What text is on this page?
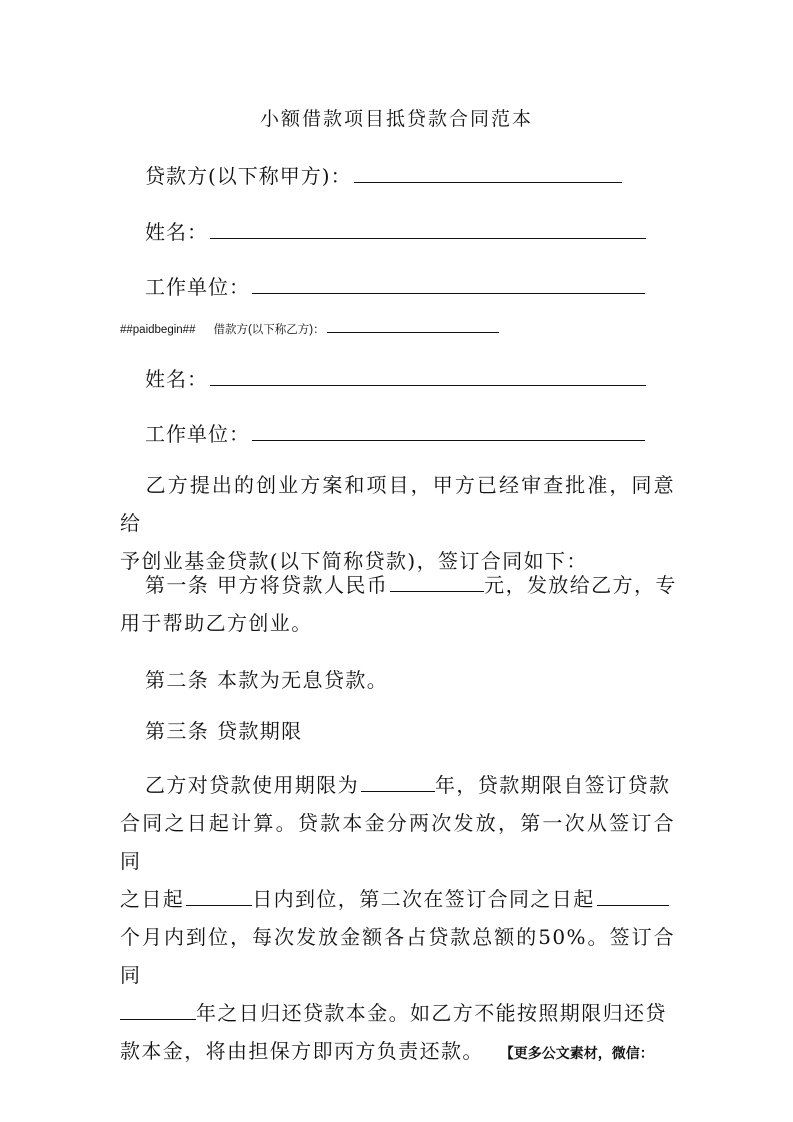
小额借款项目抵贷款合同范本
贷款方(以下称甲方)：
姓名：
工作单位：
##paidbegin## 借款方(以下称乙方)：
姓名：
工作单位：
乙方提出的创业方案和项目，甲方已经审查批准，同意给
予创业基金贷款(以下简称贷款)，签订合同如下：
第一条 甲方将贷款人民币	元，发放给乙方，专
用于帮助乙方创业。
第二条 本款为无息贷款。
第三条 贷款期限
乙方对贷款使用期限为	年，贷款期限自签订贷款
合同之日起计算。贷款本金分两次发放，第一次从签订合同
之日起	日内到位，第二次在签订合同之日起
个月内到位，每次发放金额各占贷款总额的50%。签订合同
年之日归还贷款本金。如乙方不能按照期限归还贷
款本金，将由担保方即丙方负责还款。 【更多公文素材，微信：
